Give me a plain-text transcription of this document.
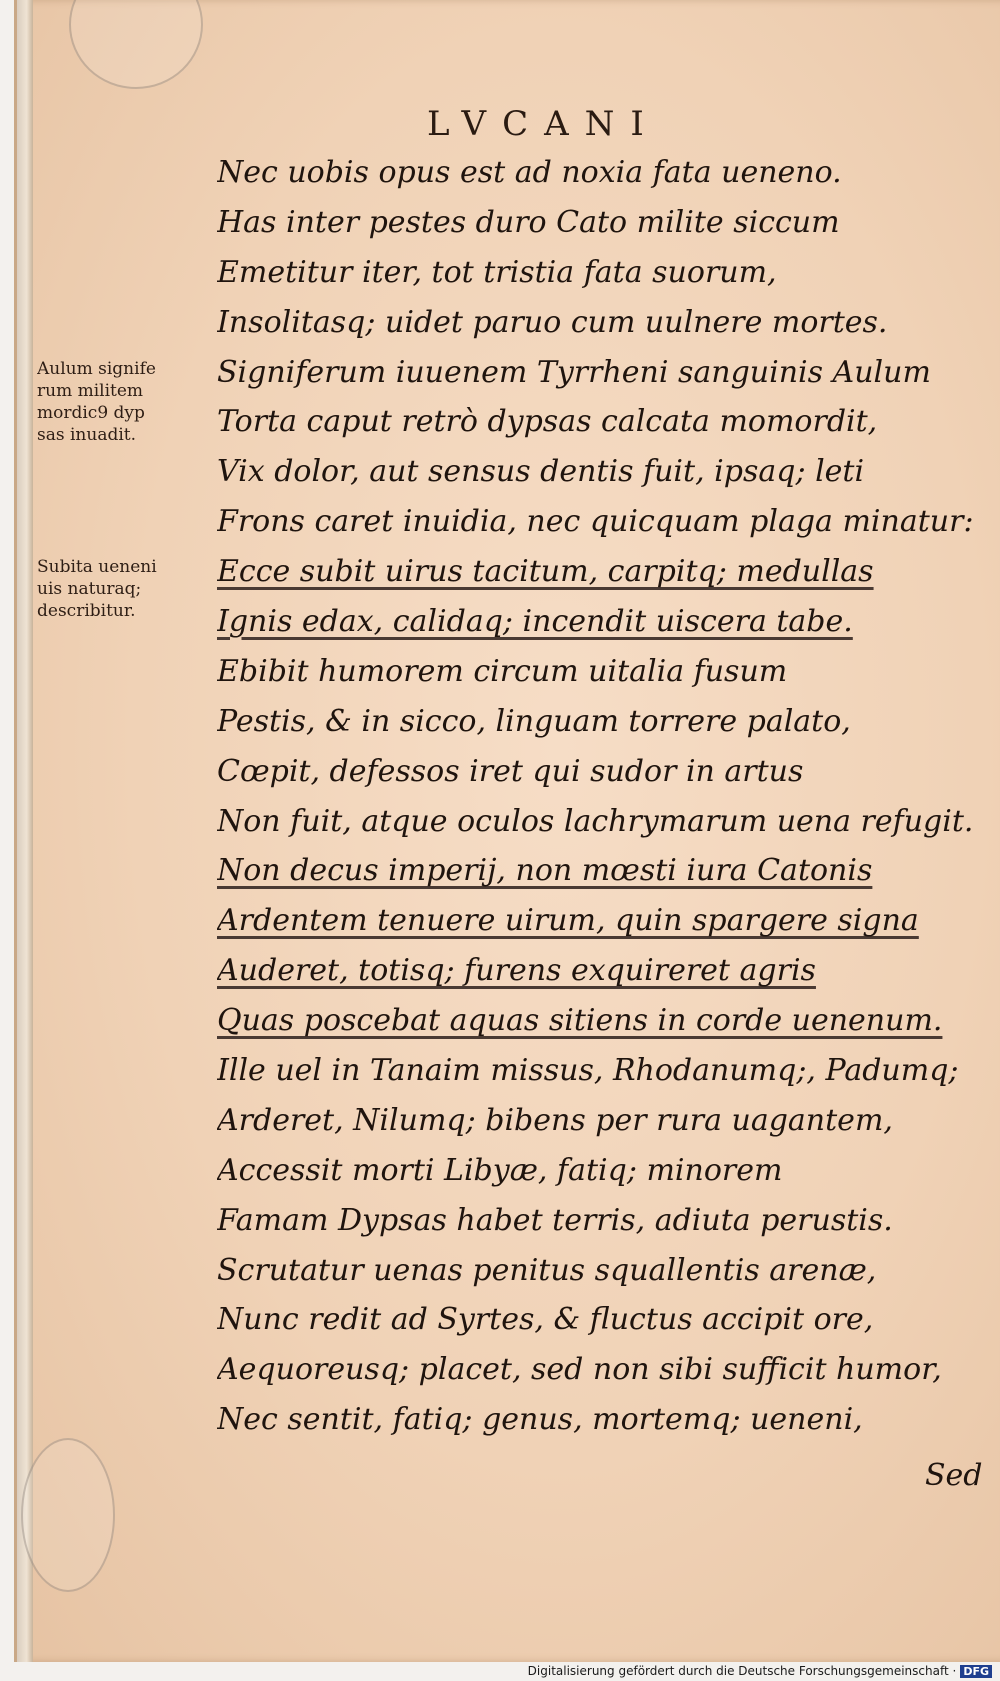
LVCANI
Aulum signife
rum militem
mordic9 dyp
sas inuadit.
Subita ueneni
uis naturaq;
describitur.
Nec uobis opus est ad noxia fata ueneno.
Has inter pestes duro Cato milite siccum
Emetitur iter, tot tristia fata suorum,
Insolitasq; uidet paruo cum uulnere mortes.
Signiferum iuuenem Tyrrheni sanguinis Aulum
Torta caput retrò dypsas calcata momordit,
Vix dolor, aut sensus dentis fuit, ipsaq; leti
Frons caret inuidia, nec quicquam plaga minatur:
Ecce subit uirus tacitum, carpitq; medullas
Ignis edax, calidaq; incendit uiscera tabe.
Ebibit humorem circum uitalia fusum
Pestis, & in sicco, linguam torrere palato,
Cœpit, defessos iret qui sudor in artus
Non fuit, atque oculos lachrymarum uena refugit.
Non decus imperij, non mœsti iura Catonis
Ardentem tenuere uirum, quin spargere signa
Auderet, totisq; furens exquireret agris
Quas poscebat aquas sitiens in corde uenenum.
Ille uel in Tanaim missus, Rhodanumq;, Padumq;
Arderet, Nilumq; bibens per rura uagantem,
Accessit morti Libyæ, fatiq; minorem
Famam Dypsas habet terris, adiuta perustis.
Scrutatur uenas penitus squallentis arenæ,
Nunc redit ad Syrtes, & fluctus accipit ore,
Aequoreusq; placet, sed non sibi sufficit humor,
Nec sentit, fatiq; genus, mortemq; ueneni,
Sed
Digitalisierung gefördert durch die Deutsche Forschungsgemeinschaft · DFG
